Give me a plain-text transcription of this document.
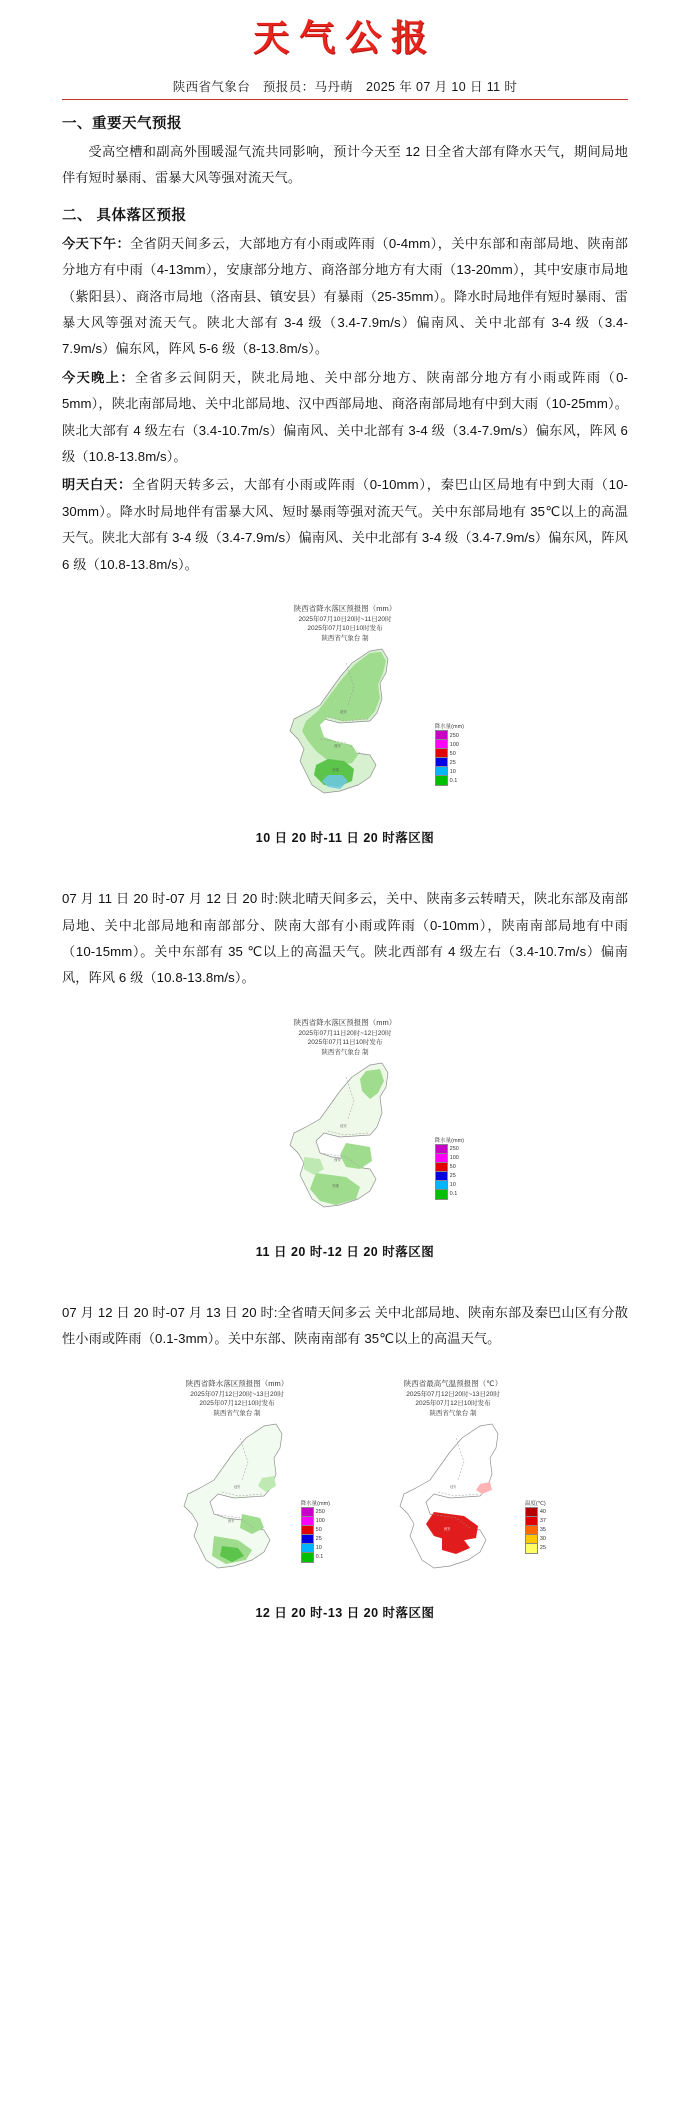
天气公报
陕西省气象台 预报员：马丹萌 2025 年 07 月 10 日 11 时
一、重要天气预报

受高空槽和副高外围暖湿气流共同影响，预计今天至 12 日全省大部有降水天气，期间局地伴有短时暴雨、雷暴大风等强对流天气。

二、 具体落区预报

今天下午：全省阴天间多云，大部地方有小雨或阵雨（0-4mm），关中东部和南部局地、陕南部分地方有中雨（4-13mm），安康部分地方、商洛部分地方有大雨（13-20mm），其中安康市局地（紫阳县）、商洛市局地（洛南县、镇安县）有暴雨（25-35mm）。降水时局地伴有短时暴雨、雷暴大风等强对流天气。陕北大部有 3-4 级（3.4-7.9m/s）偏南风、关中北部有 3-4 级（3.4-7.9m/s）偏东风，阵风 5-6 级（8-13.8m/s）。

今天晚上：全省多云间阴天，陕北局地、关中部分地方、陕南部分地方有小雨或阵雨（0-5mm），陕北南部局地、关中北部局地、汉中西部局地、商洛南部局地有中到大雨（10-25mm）。陕北大部有 4 级左右（3.4-10.7m/s）偏南风、关中北部有 3-4 级（3.4-7.9m/s）偏东风，阵风 6 级（10.8-13.8m/s）。

明天白天：全省阴天转多云，大部有小雨或阵雨（0-10mm），秦巴山区局地有中到大雨（10-30mm）。降水时局地伴有雷暴大风、短时暴雨等强对流天气。关中东部局地有 35℃以上的高温天气。陕北大部有 3-4 级（3.4-7.9m/s）偏南风、关中北部有 3-4 级（3.4-7.9m/s）偏东风，阵风 6 级（10.8-13.8m/s）。

陕西省降水落区预报图（mm）
2025年07月10日20时~11日20时
2025年07月10日10时发布
陕西省气象台 制
延安
西安
安康
降水量(mm)
250
100
50
25
10
0.1
10 日 20 时-11 日 20 时落区图

07 月 11 日 20 时-07 月 12 日 20 时:陕北晴天间多云，关中、陕南多云转晴天，陕北东部及南部局地、关中北部局地和南部部分、陕南大部有小雨或阵雨（0-10mm），陕南南部局地有中雨（10-15mm）。关中东部有 35 ℃以上的高温天气。陕北西部有 4 级左右（3.4-10.7m/s）偏南风，阵风 6 级（10.8-13.8m/s）。

陕西省降水落区预报图（mm）
2025年07月11日20时~12日20时
2025年07月11日10时发布
陕西省气象台 制
延安
西安
安康
降水量(mm)
250
100
50
25
10
0.1
11 日 20 时-12 日 20 时落区图

07 月 12 日 20 时-07 月 13 日 20 时:全省晴天间多云 关中北部局地、陕南东部及秦巴山区有分散性小雨或阵雨（0.1-3mm）。关中东部、陕南南部有 35℃以上的高温天气。

陕西省降水落区预报图（mm）
2025年07月12日20时~13日20时
2025年07月12日10时发布
陕西省气象台 制
延安
西安
降水量(mm)
250
100
50
25
10
0.1
陕西省最高气温预报图（℃）
2025年07月12日20时~13日20时
2025年07月12日10时发布
陕西省气象台 制
延安
西安
温度(℃)
40
37
35
30
25
12 日 20 时-13 日 20 时落区图
